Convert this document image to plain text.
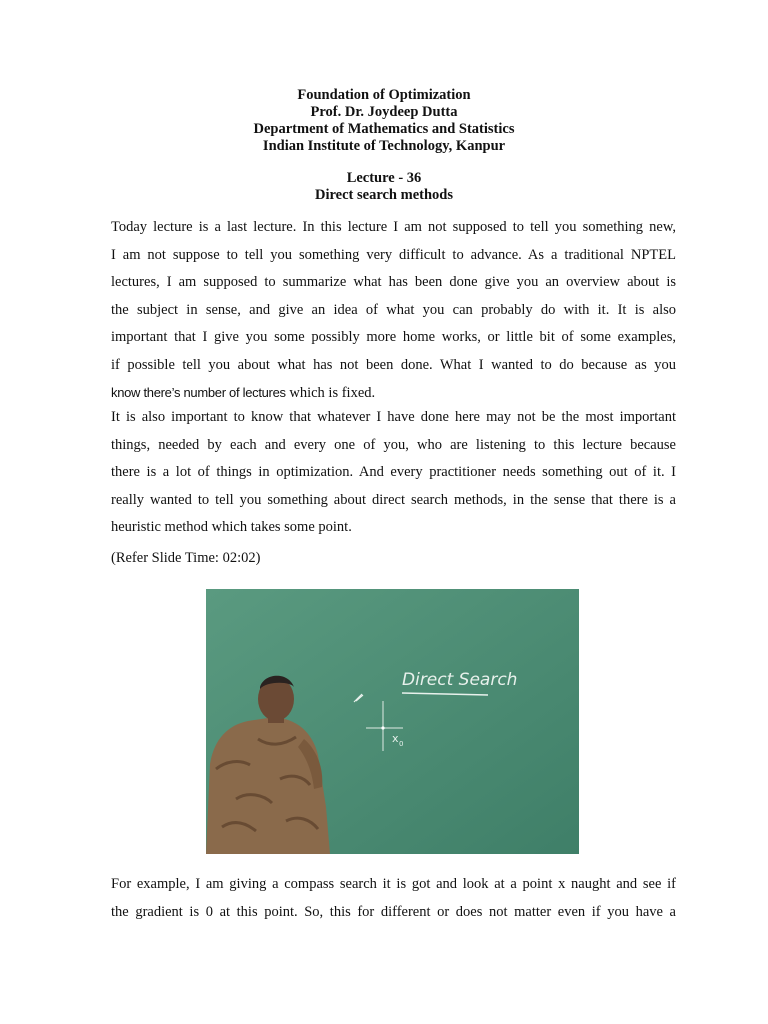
Foundation of Optimization
Prof. Dr. Joydeep Dutta
Department of Mathematics and Statistics
Indian Institute of Technology, Kanpur
Lecture - 36
Direct search methods
Today lecture is a last lecture. In this lecture I am not supposed to tell you something new,
I am not suppose to tell you something very difficult to advance. As a traditional NPTEL
lectures, I am supposed to summarize what has been done give you an overview about is
the subject in sense, and give an idea of what you can probably do with it. It is also
important that I give you some possibly more home works, or little bit of some examples,
if possible tell you about what has not been done. What I wanted to do because as you
know there’s number of lectures which is fixed.
It is also important to know that whatever I have done here may not be the most important
things, needed by each and every one of you, who are listening to this lecture because
there is a lot of things in optimization. And every practitioner needs something out of it. I
really wanted to tell you something about direct search methods, in the sense that there is a
heuristic method which takes some point.
(Refer Slide Time: 02:02)
Direct Search
x 0
For example, I am giving a compass search it is got and look at a point x naught and see if
the gradient is 0 at this point. So, this for different or does not matter even if you have a
